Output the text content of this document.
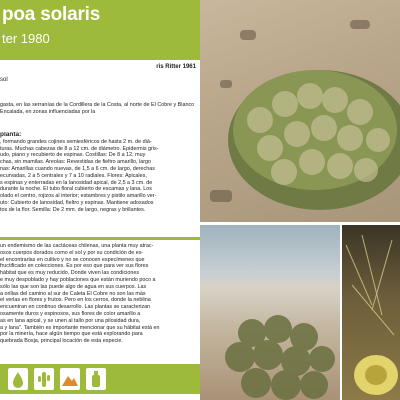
poa solaris
ter 1980
ris Ritter 1961
sol
gasta, en las serranías de la Cordillera de la Costa, al norte de El Cobre y Blanco Encalada, en zonas influenciadas por la
planta:
, formando grandes cojines semiesféricos de hasta 2 m. de diá-
turas. Muchas cabezas de 8 a 12 cm. de diámetro. Epidermis gris-
udo, piano y recubierto de espinas. Costillas: De 8 a 12, muy
chas, sin mamilas. Areolas: Revestidas de fieltro amarillo, largo
nas: Amarillas cuando nuevas, de 1,5 a 6 cm. de largo, derechas
ecurvadas, 2 a 5 centrales y 7 a 10 radiales. Flores: Apicales,
s espinas y enterradas en la lanosidad apical, de 2,5 a 3 cm. de
durante la noche. El tubo floral cubierto de escamas y lana. Los
olado el centro, rojizos al interior; estambres y pistilo amarillo ver-
uto: Cubierto de lanosidad, fieltro y espinas. Mantiene adosados
tos de la flor. Semilla: De 2 mm. de largo, negras y brillantes.
un endemismo de las cactáceas chilenas, una planta muy atrac-
osos cuerpos dorados como el sol y por su condición de es-
el encontrarlas en cultivo y no se conocen especímenes que
fructificado en colecciones. Es por eso que para ver sus flores
hábitat que es muy reducido. Donde viven las condiciones
e muy despoblado y hay poblaciones que están muriendo poco a
sólo las que son las puede algo de agua en sus cuerpos. Las
a orillas del camino al sur de Caleta El Cobre no son las más
el verlas en flores y frutos. Pero en los cerros, donde la neblina
encuentran en continuo desarrollo. Las plantas se caracterizan
osamente duros y espinosos, sus flores de color amarillo a
as en lana apical, y se unen al tallo por una pilosidad dura,
a y lana". También es importante mencionar que su hábitat está en
por la minería, hace algún tiempo que está explorando para
quebrada Bosja, principal locación de esta especie.
